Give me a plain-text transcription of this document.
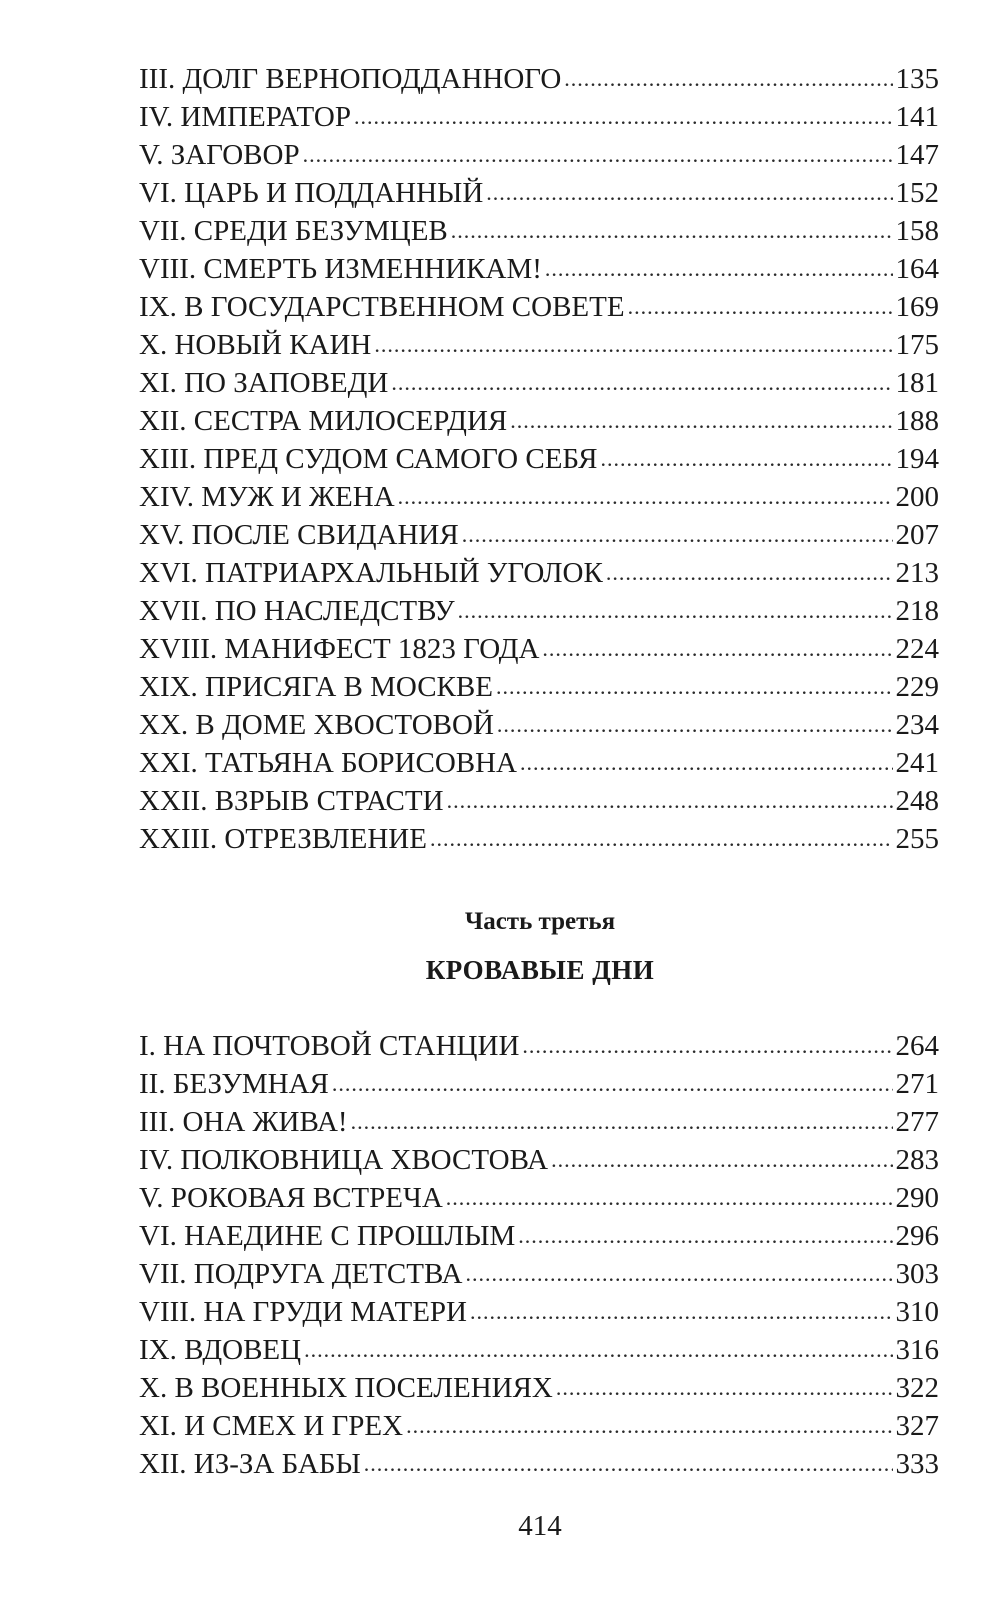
III. ДОЛГ ВЕРНОПОДДАННОГО .....	135
IV. ИМПЕРАТОР .....	141
V. ЗАГОВОР .....	147
VI. ЦАРЬ И ПОДДАННЫЙ .....	152
VII. СРЕДИ БЕЗУМЦЕВ .....	158
VIII. СМЕРТЬ ИЗМЕННИКАМ! .....	164
IX. В ГОСУДАРСТВЕННОМ СОВЕТЕ .....	169
X. НОВЫЙ КАИН .....	175
XI. ПО ЗАПОВЕДИ .....	181
XII. СЕСТРА МИЛОСЕРДИЯ .....	188
XIII. ПРЕД СУДОМ САМОГО СЕБЯ .....	194
XIV. МУЖ И ЖЕНА .....	200
XV. ПОСЛЕ СВИДАНИЯ .....	207
XVI. ПАТРИАРХАЛЬНЫЙ УГОЛОК .....	213
XVII. ПО НАСЛЕДСТВУ .....	218
XVIII. МАНИФЕСТ 1823 ГОДА .....	224
XIX. ПРИСЯГА В МОСКВЕ .....	229
XX. В ДОМЕ ХВОСТОВОЙ .....	234
XXI. ТАТЬЯНА БОРИСОВНА .....	241
XXII. ВЗРЫВ СТРАСТИ .....	248
XXIII. ОТРЕЗВЛЕНИЕ .....	255
Часть третья
КРОВАВЫЕ ДНИ
I. НА ПОЧТОВОЙ СТАНЦИИ .....	264
II. БЕЗУМНАЯ .....	271
III. ОНА ЖИВА! .....	277
IV. ПОЛКОВНИЦА ХВОСТОВА .....	283
V. РОКОВАЯ ВСТРЕЧА .....	290
VI. НАЕДИНЕ С ПРОШЛЫМ .....	296
VII. ПОДРУГА ДЕТСТВА .....	303
VIII. НА ГРУДИ МАТЕРИ .....	310
IX. ВДОВЕЦ .....	316
X. В ВОЕННЫХ ПОСЕЛЕНИЯХ .....	322
XI. И СМЕХ И ГРЕХ .....	327
XII. ИЗ-ЗА БАБЫ .....	333
414
